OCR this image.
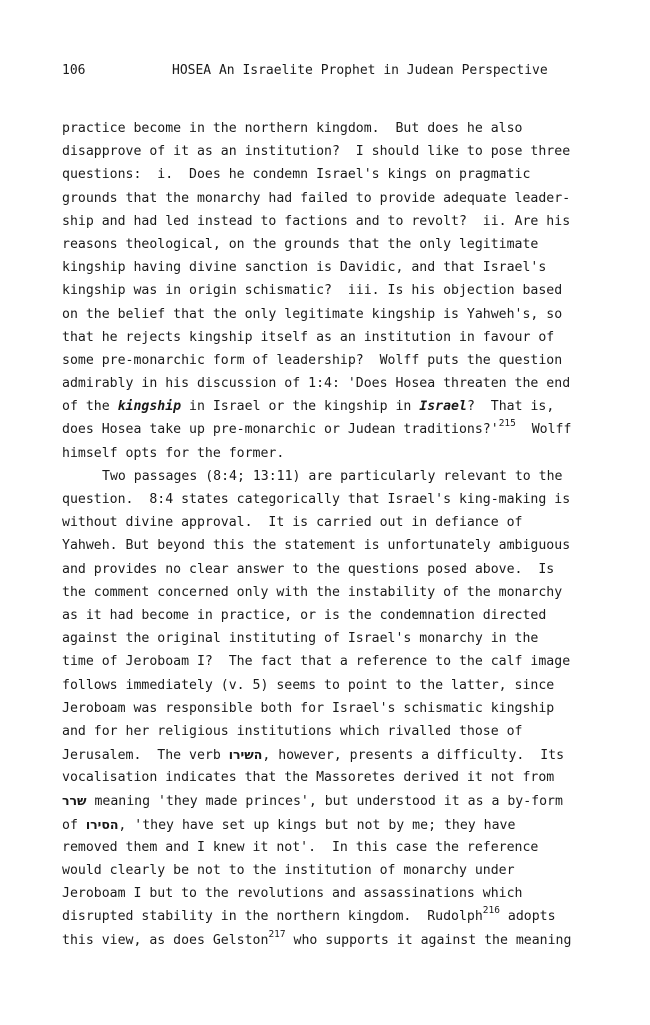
106	HOSEA An Israelite Prophet in Judean Perspective
practice become in the northern kingdom.  But does he also
disapprove of it as an institution?  I should like to pose three
questions:  i.  Does he condemn Israel's kings on pragmatic
grounds that the monarchy had failed to provide adequate leader-
ship and had led instead to factions and to revolt?  ii. Are his
reasons theological, on the grounds that the only legitimate
kingship having divine sanction is Davidic, and that Israel's
kingship was in origin schismatic?  iii. Is his objection based
on the belief that the only legitimate kingship is Yahweh's, so
that he rejects kingship itself as an institution in favour of
some pre-monarchic form of leadership?  Wolff puts the question
admirably in his discussion of 1:4: 'Does Hosea threaten the end
of the kingship in Israel or the kingship in Israel?  That is,
does Hosea take up pre-monarchic or Judean $traditions?'^{215}$  Wolff
himself opts for the former.
Two passages (8:4; 13:11) are particularly relevant to the
question.  8:4 states categorically that Israel's king-making is
without divine approval.  It is carried out in defiance of
Yahweh. But beyond this the statement is unfortunately ambiguous
and provides no clear answer to the questions posed above.  Is
the comment concerned only with the instability of the monarchy
as it had become in practice, or is the condemnation directed
against the original instituting of Israel's monarchy in the
time of Jeroboam I?  The fact that a reference to the calf image
follows immediately (v. 5) seems to point to the latter, since
Jeroboam was responsible both for Israel's schismatic kingship
and for her religious institutions which rivalled those of
Jerusalem.  The verb השירו, however, presents a difficulty.  Its
vocalisation indicates that the Massoretes derived it not from
שרר meaning 'they made princes', but understood it as a by-form
of הסירו, 'they have set up kings but not by me; they have
removed them and I knew it not'.  In this case the reference
would clearly be not to the institution of monarchy under
Jeroboam I but to the revolutions and assassinations which
disrupted stability in the northern kingdom.  Rudolph$^{216}$ adopts
this view, as does Gelston$^{217}$ who supports it against the meaning
